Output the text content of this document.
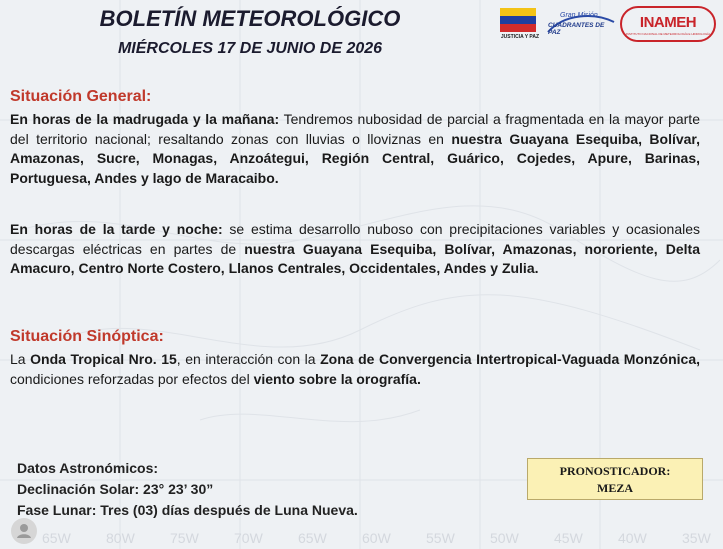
BOLETÍN METEOROLÓGICO
MIÉRCOLES 17 DE JUNIO DE 2026
JUSTICIA Y PAZ
Gran Misión
CUADRANTES DE PAZ
INAMEH
INSTITUTO NACIONAL DE METEOROLOGÍA E HIDROLOGÍA
Situación General:
En horas de la madrugada y la mañana: Tendremos nubosidad de parcial a fragmentada en la mayor parte del territorio nacional; resaltando zonas con lluvias o lloviznas en nuestra Guayana Esequiba, Bolívar, Amazonas, Sucre, Monagas, Anzoátegui, Región Central, Guárico, Cojedes, Apure, Barinas, Portuguesa, Andes y lago de Maracaibo.
En horas de la tarde y noche: se estima desarrollo nuboso con precipitaciones variables y ocasionales descargas eléctricas en partes de nuestra Guayana Esequiba, Bolívar, Amazonas, nororiente, Delta Amacuro, Centro Norte Costero, Llanos Centrales, Occidentales, Andes y Zulia.
Situación Sinóptica:
La Onda Tropical Nro. 15, en interacción con la Zona de Convergencia Intertropical-Vaguada Monzónica, condiciones reforzadas por efectos del viento sobre la orografía.
Datos Astronómicos:
Declinación Solar: 23° 23’ 30”
Fase Lunar: Tres (03) días después de Luna Nueva.
PRONOSTICADOR:
MEZA
65W	80W	75W	70W	65W	60W	55W	50W	45W	40W	35W
